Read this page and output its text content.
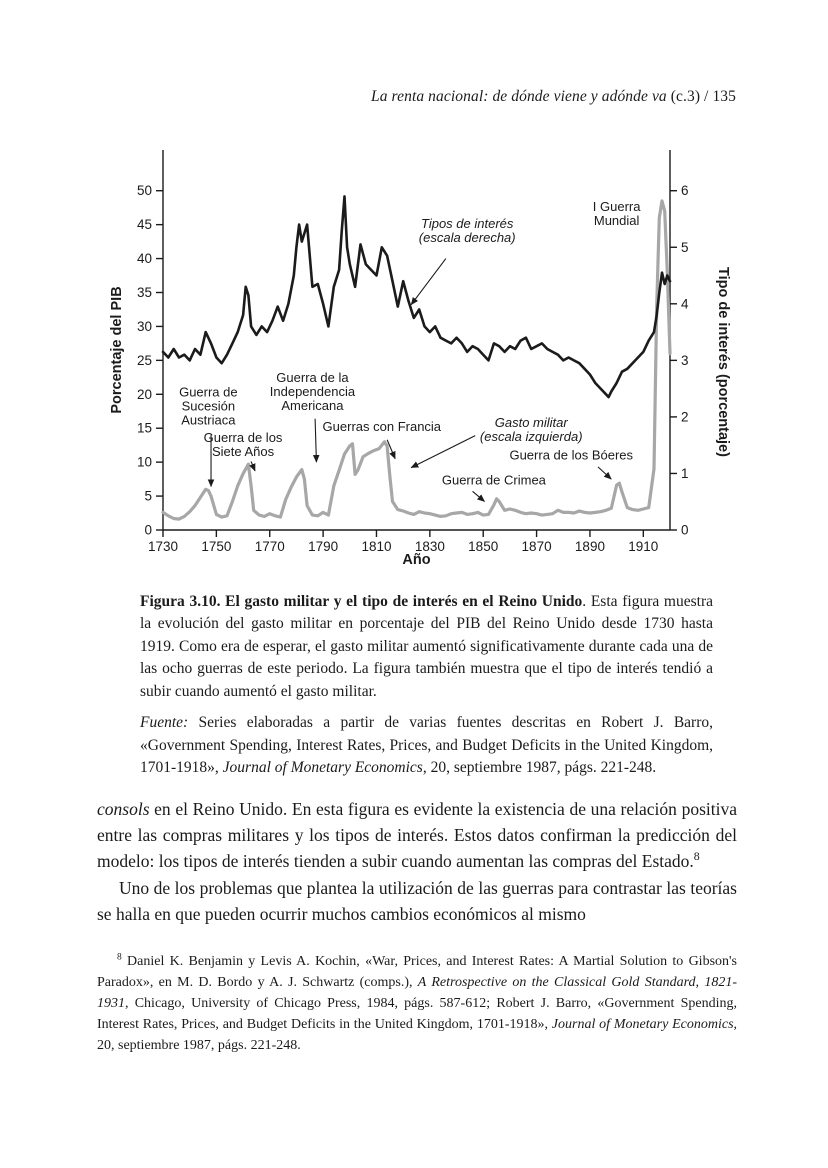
La renta nacional: de dónde viene y adónde va (c.3) / 135
0
5
10
15
20
25
30
35
40
45
50
0
1
2
3
4
5
6
1730 1750 1770 1790 1810 1830 1850 1870 1890 1910
Tipos de interés
(escala derecha)
I Guerra
Mundial
Guerra de
Sucesión
Austriaca
Guerra de los
Siete Años
Guerra de la
Independencia
Americana
Guerras con Francia	Gasto militar
(escala izquierda)
Guerra de Crimea
Guerra de los Bóeres
Porcentaje del PIB	Tipo de interés (porcentaje)
Año

Figura 3.10. El gasto militar y el tipo de interés en el Reino Unido. Esta figura muestra la evolución del gasto militar en porcentaje del PIB del Reino Unido desde 1730 hasta 1919. Como era de esperar, el gasto militar aumentó significativamente durante cada una de las ocho guerras de este periodo. La figura también muestra que el tipo de interés tendió a subir cuando aumentó el gasto militar.

Fuente: Series elaboradas a partir de varias fuentes descritas en Robert J. Barro, «Government Spending, Interest Rates, Prices, and Budget Deficits in the United Kingdom, 1701-1918», Journal of Monetary Economics, 20, septiembre 1987, págs. 221-248.

consols en el Reino Unido. En esta figura es evidente la existencia de una relación positiva entre las compras militares y los tipos de interés. Estos datos confirman la predicción del modelo: los tipos de interés tienden a subir cuando aumentan las compras del Estado.$^8$

Uno de los problemas que plantea la utilización de las guerras para contrastar las teorías se halla en que pueden ocurrir muchos cambios económicos al mismo

$^8$ Daniel K. Benjamin y Levis A. Kochin, «War, Prices, and Interest Rates: A Martial Solution to Gibson's Paradox», en M. D. Bordo y A. J. Schwartz (comps.), A Retrospective on the Classical Gold Standard, 1821-1931, Chicago, University of Chicago Press, 1984, págs. 587-612; Robert J. Barro, «Government Spending, Interest Rates, Prices, and Budget Deficits in the United Kingdom, 1701-1918», Journal of Monetary Economics, 20, septiembre 1987, págs. 221-248.
